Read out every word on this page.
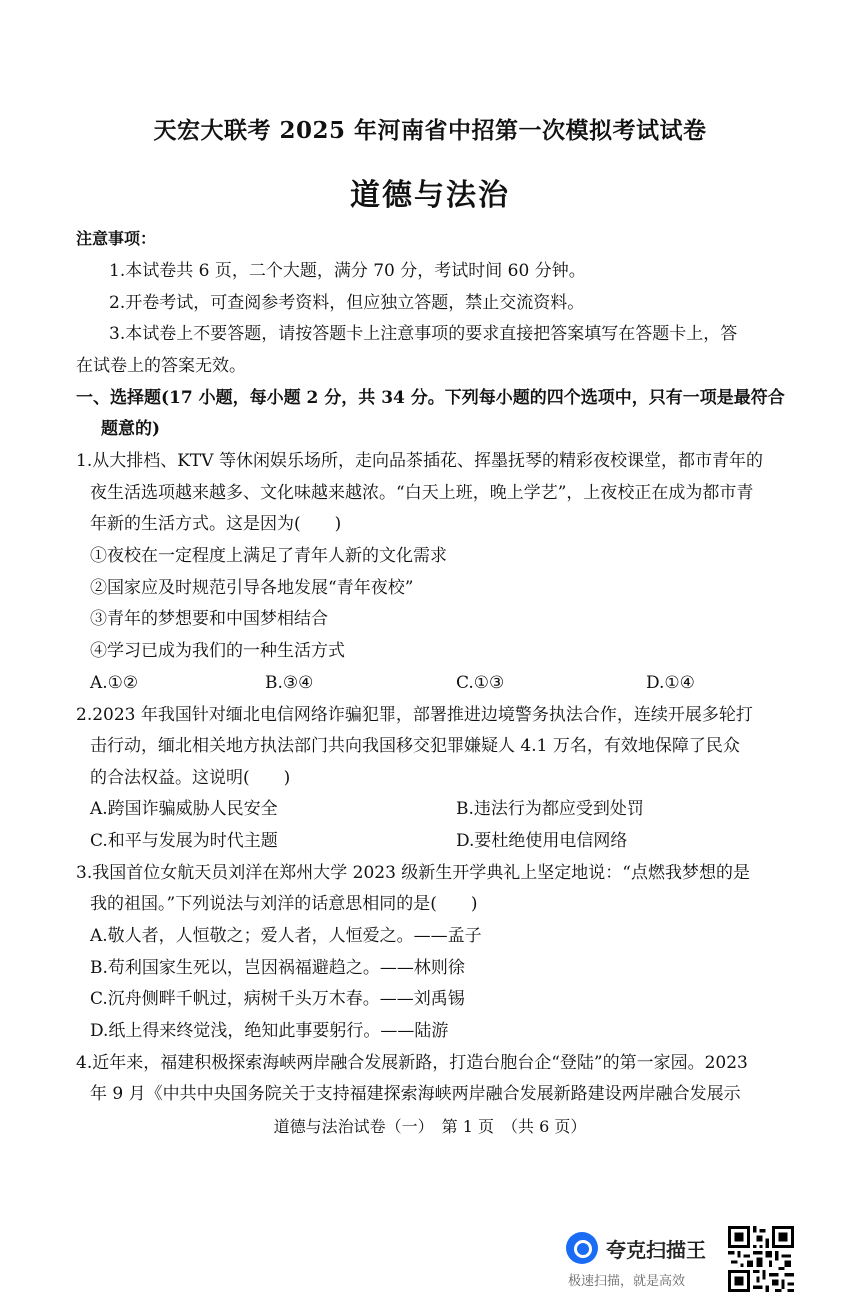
天宏大联考 2025 年河南省中招第一次模拟考试试卷
道德与法治
注意事项：
1.本试卷共 6 页，二个大题，满分 70 分，考试时间 60 分钟。
2.开卷考试，可查阅参考资料，但应独立答题，禁止交流资料。
3.本试卷上不要答题，请按答题卡上注意事项的要求直接把答案填写在答题卡上，答
在试卷上的答案无效。
一、选择题(17 小题，每小题 2 分，共 34 分。下列每小题的四个选项中，只有一项是最符合
题意的)
1.从大排档、KTV 等休闲娱乐场所，走向品茶插花、挥墨抚琴的精彩夜校课堂，都市青年的
夜生活选项越来越多、文化味越来越浓。“白天上班，晚上学艺”，上夜校正在成为都市青
年新的生活方式。这是因为(　　)
①夜校在一定程度上满足了青年人新的文化需求
②国家应及时规范引导各地发展“青年夜校”
③青年的梦想要和中国梦相结合
④学习已成为我们的一种生活方式
A.①②	B.③④	C.①③	D.①④
2.2023 年我国针对缅北电信网络诈骗犯罪，部署推进边境警务执法合作，连续开展多轮打
击行动，缅北相关地方执法部门共向我国移交犯罪嫌疑人 4.1 万名，有效地保障了民众
的合法权益。这说明(　　)
A.跨国诈骗威胁人民安全	B.违法行为都应受到处罚
C.和平与发展为时代主题	D.要杜绝使用电信网络
3.我国首位女航天员刘洋在郑州大学 2023 级新生开学典礼上坚定地说：“点燃我梦想的是
我的祖国。”下列说法与刘洋的话意思相同的是(　　)
A.敬人者，人恒敬之；爱人者，人恒爱之。——孟子
B.苟利国家生死以，岂因祸福避趋之。——林则徐
C.沉舟侧畔千帆过，病树千头万木春。——刘禹锡
D.纸上得来终觉浅，绝知此事要躬行。——陆游
4.近年来，福建积极探索海峡两岸融合发展新路，打造台胞台企“登陆”的第一家园。2023
年 9 月《中共中央国务院关于支持福建探索海峡两岸融合发展新路建设两岸融合发展示
道德与法治试卷（一）　第 1 页　（共 6 页）
夸克扫描王
极速扫描，就是高效
